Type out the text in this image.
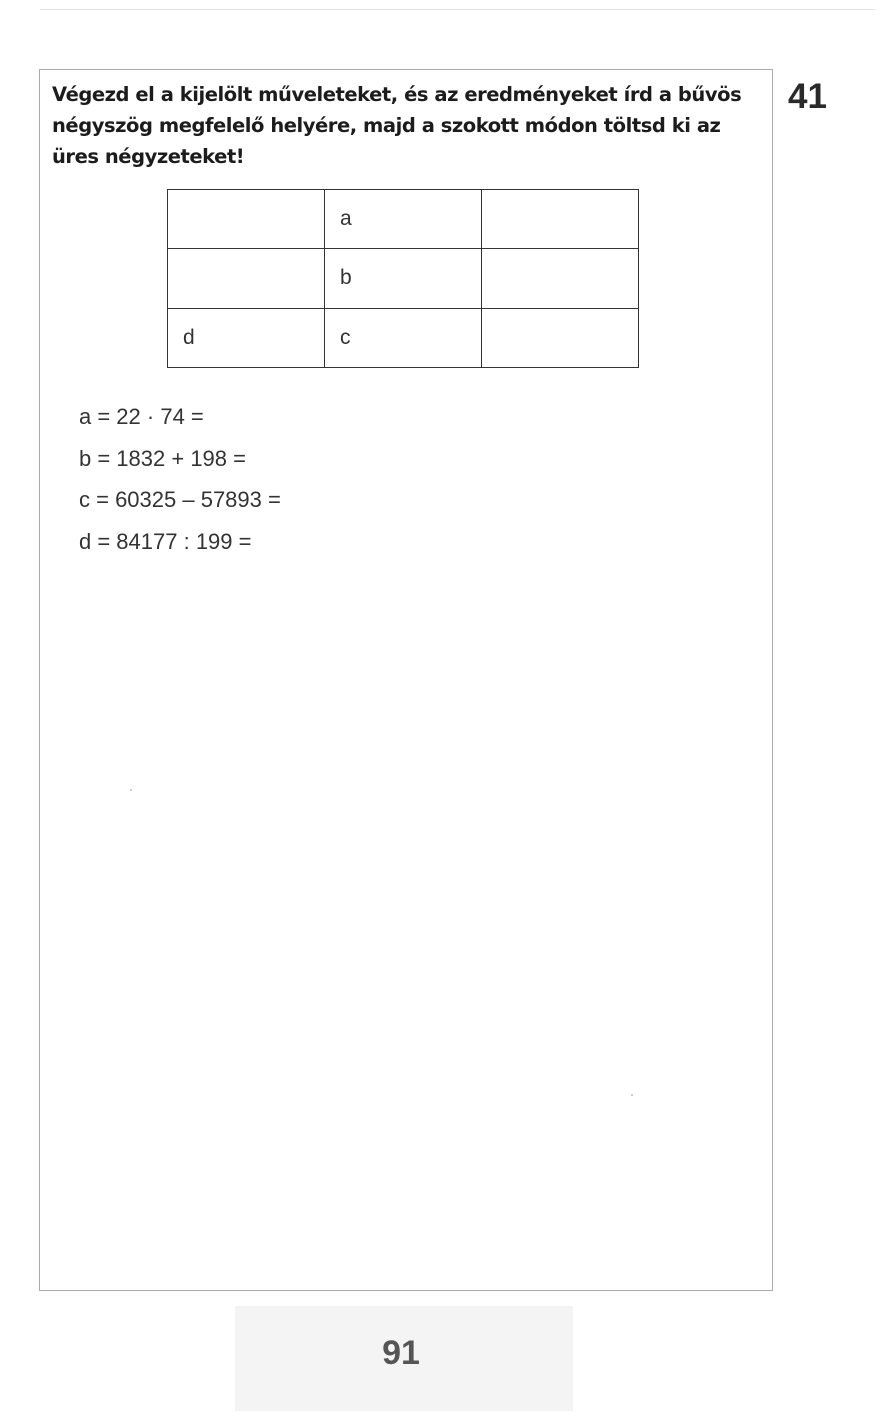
Végezd el a kijelölt műveleteket, és az eredményeket írd a bűvös négyszög megfelelő helyére, majd a szokott módon töltsd ki az üres négyzeteket!

41
	a	
	b	
d	c	
a = 22 · 74 =
b = 1832 + 198 =
c = 60325 – 57893 =
d = 84177 : 199 =
91
